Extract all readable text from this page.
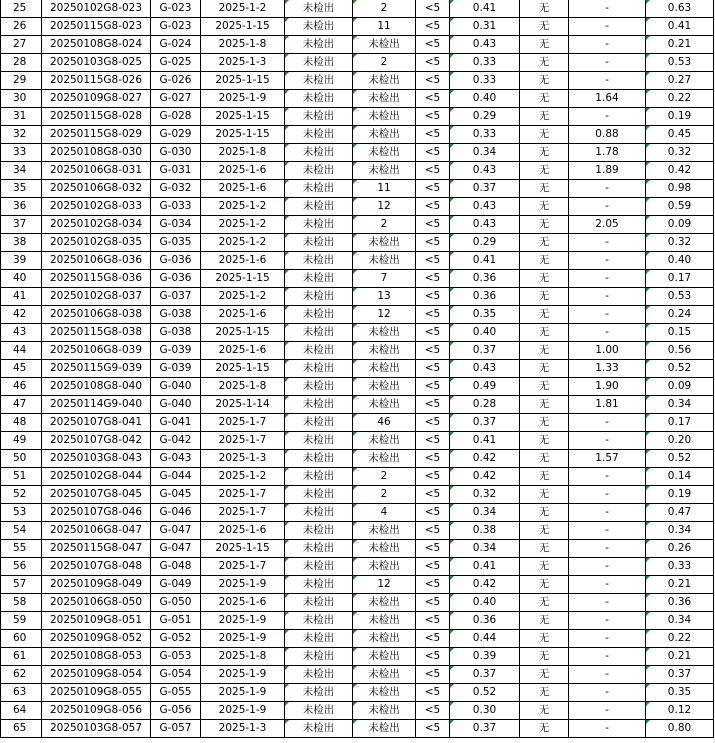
25	20250102G8-023	G-023	2025-1-2	未检出	2	<5	0.41	无	-	0.63
26	20250115G8-023	G-023	2025-1-15	未检出	11	<5	0.31	无	-	0.41
27	20250108G8-024	G-024	2025-1-8	未检出	未检出	<5	0.43	无	-	0.21
28	20250103G8-025	G-025	2025-1-3	未检出	2	<5	0.33	无	-	0.53
29	20250115G8-026	G-026	2025-1-15	未检出	未检出	<5	0.33	无	-	0.27
30	20250109G8-027	G-027	2025-1-9	未检出	未检出	<5	0.40	无	1.64	0.22
31	20250115G8-028	G-028	2025-1-15	未检出	未检出	<5	0.29	无	-	0.19
32	20250115G8-029	G-029	2025-1-15	未检出	未检出	<5	0.33	无	0.88	0.45
33	20250108G8-030	G-030	2025-1-8	未检出	未检出	<5	0.34	无	1.78	0.32
34	20250106G8-031	G-031	2025-1-6	未检出	未检出	<5	0.43	无	1.89	0.42
35	20250106G8-032	G-032	2025-1-6	未检出	11	<5	0.37	无	-	0.98
36	20250102G8-033	G-033	2025-1-2	未检出	12	<5	0.43	无	-	0.59
37	20250102G8-034	G-034	2025-1-2	未检出	2	<5	0.43	无	2.05	0.09
38	20250102G8-035	G-035	2025-1-2	未检出	未检出	<5	0.29	无	-	0.32
39	20250106G8-036	G-036	2025-1-6	未检出	未检出	<5	0.41	无	-	0.40
40	20250115G8-036	G-036	2025-1-15	未检出	7	<5	0.36	无	-	0.17
41	20250102G8-037	G-037	2025-1-2	未检出	13	<5	0.36	无	-	0.53
42	20250106G8-038	G-038	2025-1-6	未检出	12	<5	0.35	无	-	0.24
43	20250115G8-038	G-038	2025-1-15	未检出	未检出	<5	0.40	无	-	0.15
44	20250106G8-039	G-039	2025-1-6	未检出	未检出	<5	0.37	无	1.00	0.56
45	20250115G9-039	G-039	2025-1-15	未检出	未检出	<5	0.43	无	1.33	0.52
46	20250108G8-040	G-040	2025-1-8	未检出	未检出	<5	0.49	无	1.90	0.09
47	20250114G9-040	G-040	2025-1-14	未检出	未检出	<5	0.28	无	1.81	0.34
48	20250107G8-041	G-041	2025-1-7	未检出	46	<5	0.37	无	-	0.17
49	20250107G8-042	G-042	2025-1-7	未检出	未检出	<5	0.41	无	-	0.20
50	20250103G8-043	G-043	2025-1-3	未检出	未检出	<5	0.42	无	1.57	0.52
51	20250102G8-044	G-044	2025-1-2	未检出	2	<5	0.42	无	-	0.14
52	20250107G8-045	G-045	2025-1-7	未检出	2	<5	0.32	无	-	0.19
53	20250107G8-046	G-046	2025-1-7	未检出	4	<5	0.34	无	-	0.47
54	20250106G8-047	G-047	2025-1-6	未检出	未检出	<5	0.38	无	-	0.34
55	20250115G8-047	G-047	2025-1-15	未检出	未检出	<5	0.34	无	-	0.26
56	20250107G8-048	G-048	2025-1-7	未检出	未检出	<5	0.41	无	-	0.33
57	20250109G8-049	G-049	2025-1-9	未检出	12	<5	0.42	无	-	0.21
58	20250106G8-050	G-050	2025-1-6	未检出	未检出	<5	0.40	无	-	0.36
59	20250109G8-051	G-051	2025-1-9	未检出	未检出	<5	0.36	无	-	0.34
60	20250109G8-052	G-052	2025-1-9	未检出	未检出	<5	0.44	无	-	0.22
61	20250108G8-053	G-053	2025-1-8	未检出	未检出	<5	0.39	无	-	0.21
62	20250109G8-054	G-054	2025-1-9	未检出	未检出	<5	0.37	无	-	0.37
63	20250109G8-055	G-055	2025-1-9	未检出	未检出	<5	0.52	无	-	0.35
64	20250109G8-056	G-056	2025-1-9	未检出	未检出	<5	0.30	无	-	0.12
65	20250103G8-057	G-057	2025-1-3	未检出	未检出	<5	0.37	无	-	0.80
